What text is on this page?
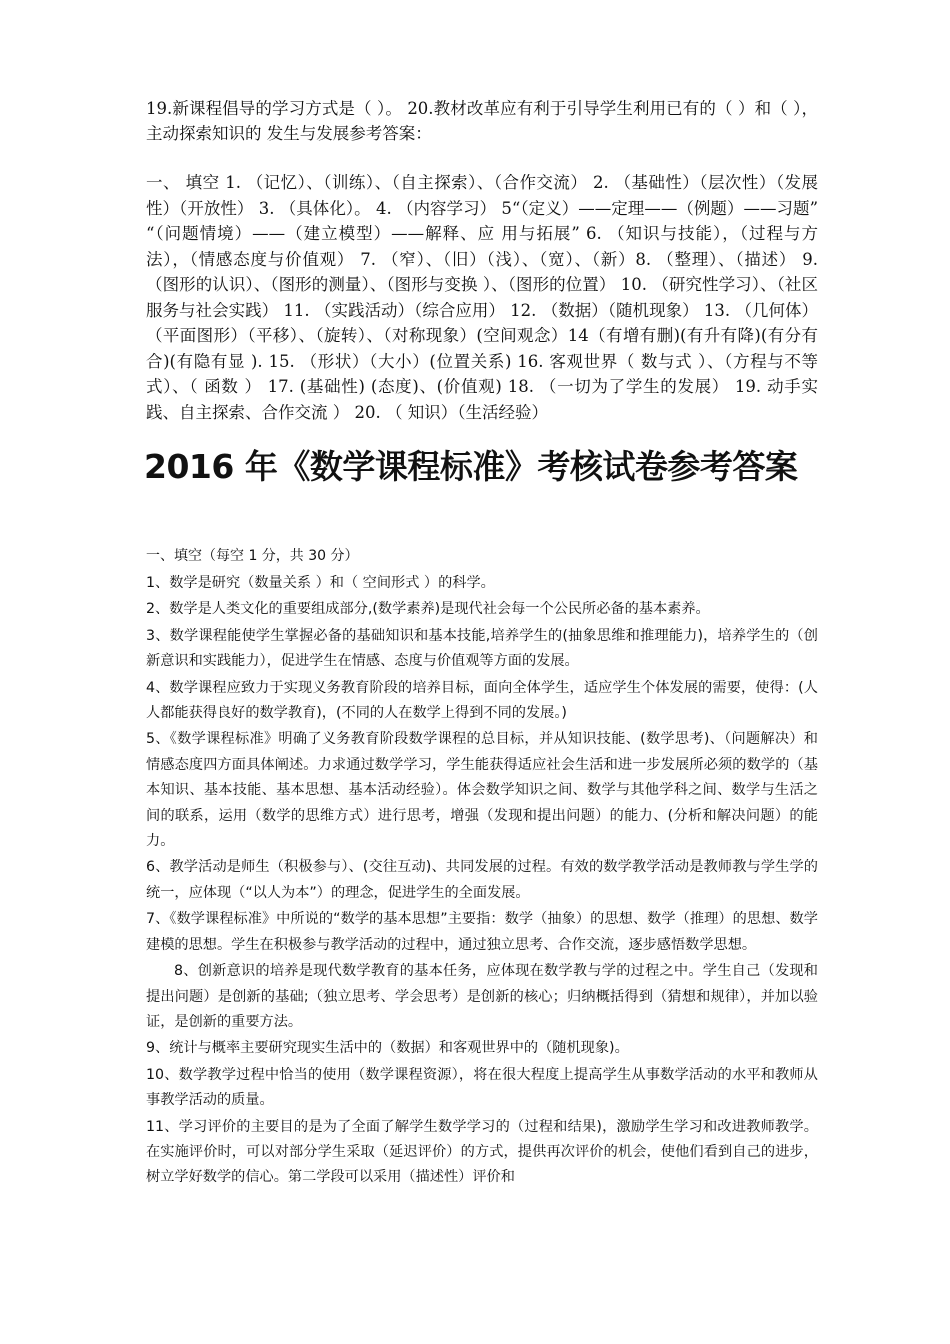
19.新课程倡导的学习方式是（ ）。 20.教材改革应有利于引导学生利用已有的（ ）和（ ），主动探索知识的 发生与发展参考答案：

一、 填空 1. （记忆）、（训练）、（自主探索）、（合作交流） 2. （基础性）（层次性）（发展性）（开放性） 3. （具体化）。 4. （内容学习） 5“（定义）——定理——（例题）——习题” “（问题情境）——（建立模型）——解释、应 用与拓展” 6. （知识与技能），（过程与方法），（情感态度与价值观） 7. （窄）、（旧）（浅）、（宽）、（新）8. （整理）、（描述） 9. （图形的认识）、（图形的测量）、（图形与变换 ）、（图形的位置） 10. （研究性学习）、（社区服务与社会实践） 11. （实践活动）（综合应用） 12. （数据）（随机现象） 13. （几何体）（平面图形）（平移）、（旋转）、（对称现象）(空间观念）14（有增有删)(有升有降)(有分有合)(有隐有显 ). 15. （形状）（大小）(位置关系) 16. 客观世界（ 数与式 ）、（方程与不等式）、（ 函数 ） 17. (基础性) (态度)、(价值观) 18. （一切为了学生的发展） 19. 动手实践、自主探索、合作交流 ） 20. （ 知识）（生活经验）

2016 年《数学课程标准》考核试卷参考答案
一、填空（每空 1 分，共 30 分）
1、数学是研究（数量关系 ）和（ 空间形式 ）的科学。
2、数学是人类文化的重要组成部分,(数学素养)是现代社会每一个公民所必备的基本素养。
3、数学课程能使学生掌握必备的基础知识和基本技能,培养学生的(抽象思维和推理能力)，培养学生的（创新意识和实践能力），促进学生在情感、态度与价值观等方面的发展。
4、数学课程应致力于实现义务教育阶段的培养目标，面向全体学生，适应学生个体发展的需要，使得：(人人都能获得良好的数学教育)，(不同的人在数学上得到不同的发展。)
5、《数学课程标准》明确了义务教育阶段数学课程的总目标，并从知识技能、(数学思考)、（问题解决）和情感态度四方面具体阐述。力求通过数学学习，学生能获得适应社会生活和进一步发展所必须的数学的（基本知识、基本技能、基本思想、基本活动经验）。体会数学知识之间、数学与其他学科之间、数学与生活之间的联系，运用（数学的思维方式）进行思考，增强（发现和提出问题）的能力、(分析和解决问题）的能力。
6、教学活动是师生（积极参与）、(交往互动)、共同发展的过程。有效的数学教学活动是教师教与学生学的统一，应体现（“以人为本”）的理念，促进学生的全面发展。
7、《数学课程标准》中所说的“数学的基本思想”主要指：数学（抽象）的思想、数学（推理）的思想、数学建模的思想。学生在积极参与教学活动的过程中，通过独立思考、合作交流，逐步感悟数学思想。
8、创新意识的培养是现代数学教育的基本任务，应体现在数学教与学的过程之中。学生自己（发现和提出问题）是创新的基础;（独立思考、学会思考）是创新的核心；归纳概括得到（猜想和规律），并加以验证，是创新的重要方法。
9、统计与概率主要研究现实生活中的（数据）和客观世界中的（随机现象)。
10、数学教学过程中恰当的使用（数学课程资源），将在很大程度上提高学生从事数学活动的水平和教师从事教学活动的质量。
11、学习评价的主要目的是为了全面了解学生数学学习的（过程和结果)，激励学生学习和改进教师教学。在实施评价时，可以对部分学生采取（延迟评价）的方式，提供再次评价的机会，使他们看到自己的进步，树立学好数学的信心。第二学段可以采用（描述性）评价和
